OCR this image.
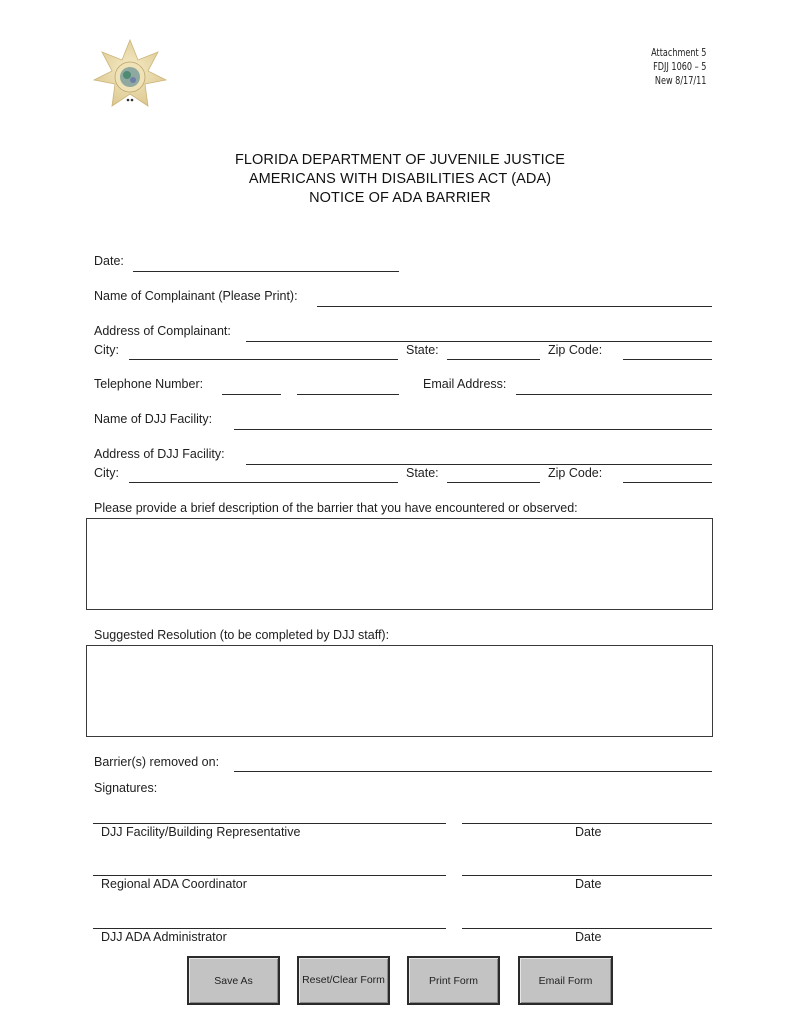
Attachment 5
FDJJ 1060 – 5
New 8/17/11
FLORIDA DEPARTMENT OF JUVENILE JUSTICE
AMERICANS WITH DISABILITIES ACT (ADA)
NOTICE OF ADA BARRIER
Date:
Name of Complainant (Please Print):
Address of Complainant:
City:	State:	Zip Code:
Telephone Number:	Email Address:
Name of DJJ Facility:
Address of DJJ Facility:
City:	State:	Zip Code:
Please provide a brief description of the barrier that you have encountered or observed:
Suggested Resolution (to be completed by DJJ staff):
Barrier(s) removed on:
Signatures:
DJJ Facility/Building Representative	Date
Regional ADA Coordinator	Date
DJJ ADA Administrator	Date
Save As	Reset/Clear Form	Print Form	Email Form
